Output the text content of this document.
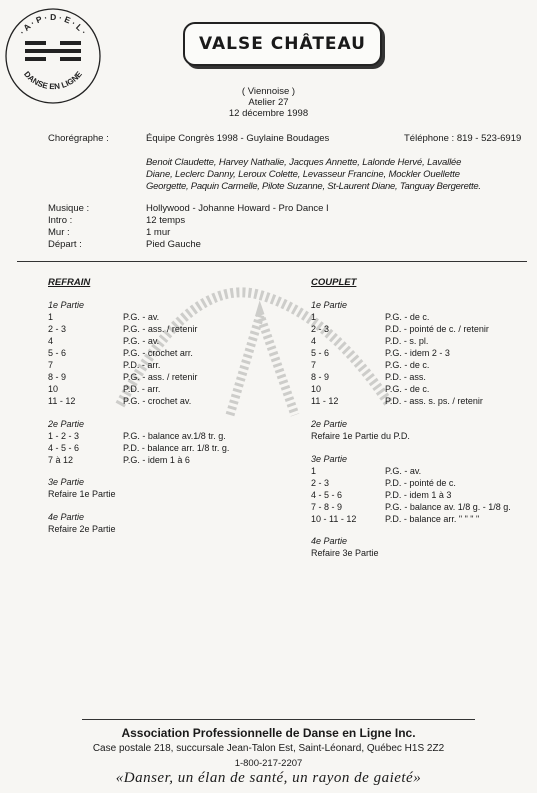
· A · P · D · E · L ·
DANSE EN LIGNE
VALSE CHÂTEAU
( Viennoise )
Atelier 27
12 décembre 1998
Chorégraphe :	Équipe Congrès 1998 - Guylaine Boudages	Téléphone : 819 - 523-6919
Benoit Claudette, Harvey Nathalie, Jacques Annette, Lalonde Hervé, Lavallée
Diane, Leclerc Danny, Leroux Colette, Levasseur Francine, Mockler Ouellette
Georgette, Paquin Carmelle, Pilote Suzanne, St-Laurent Diane, Tanguay Bergerette.
Musique :	Hollywood - Johanne Howard - Pro Dance I
Intro :	12 temps
Mur :	1 mur
Départ :	Pied Gauche
REFRAIN
1e Partie
1	P.G. - av.
2 - 3	P.G. - ass. / retenir
4	P.G. - av.
5 - 6	P.G. - crochet arr.
7	P.D. - arr.
8 - 9	P.G. - ass. / retenir
10	P.D. - arr.
11 - 12	P.G. - crochet av.
2e Partie
1 - 2 - 3	P.G. - balance av.1/8 tr. g.
4 - 5 - 6	P.D. - balance arr. 1/8 tr. g.
7 à 12	P.G. - idem 1 à 6
3e Partie
Refaire 1e Partie
4e Partie
Refaire 2e Partie
COUPLET
1e Partie
1	P.G. - de c.
2 - 3	P.D. - pointé de c. / retenir
4	P.D. - s. pl.
5 - 6	P.G. - idem 2 - 3
7	P.G. - de c.
8 - 9	P.D. - ass.
10	P.G. - de c.
11 - 12	P.D. - ass. s. ps. / retenir
2e Partie
Refaire 1e Partie du P.D.
3e Partie
1	P.G. - av.
2 - 3	P.D. - pointé de c.
4 - 5 - 6	P.D. - idem 1 à 3
7 - 8 - 9	P.G. - balance av. 1/8 g. - 1/8 g.
10 - 11 - 12	P.D. - balance arr. " " " "
4e Partie
Refaire 3e Partie
Association Professionnelle de Danse en Ligne Inc.
Case postale 218, succursale Jean-Talon Est, Saint-Léonard, Québec H1S 2Z2
1-800-217-2207
«Danser, un élan de santé, un rayon de gaieté»
